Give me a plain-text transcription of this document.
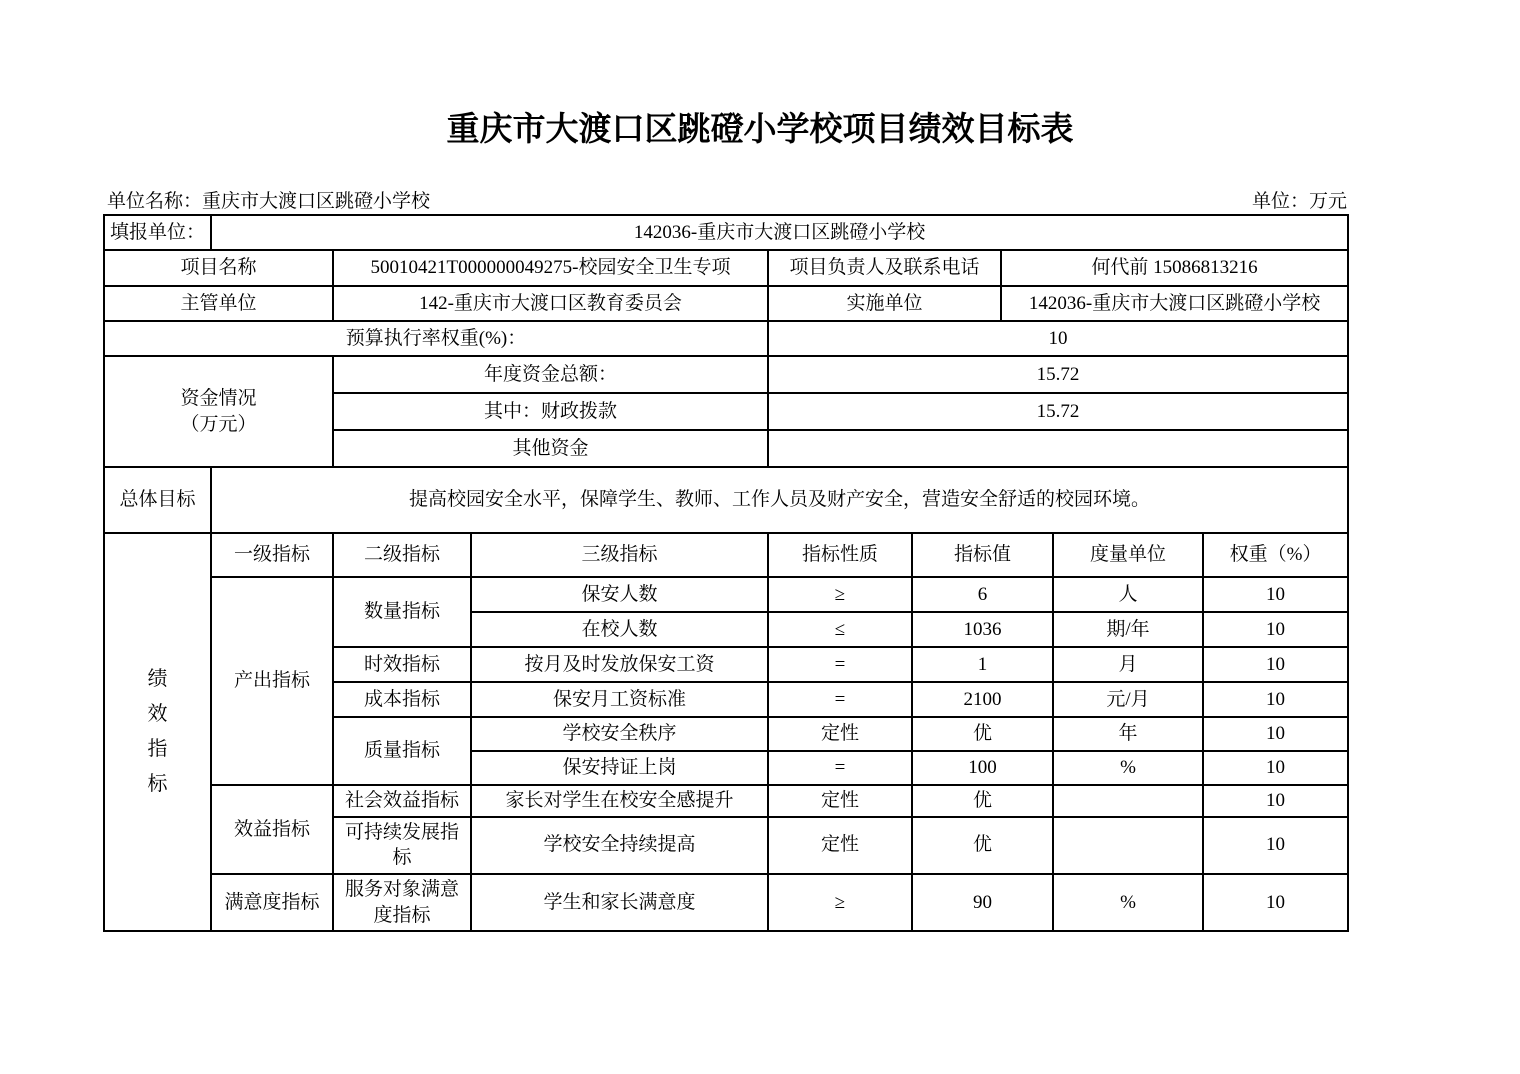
重庆市大渡口区跳磴小学校项目绩效目标表
单位名称：重庆市大渡口区跳磴小学校	单位：万元
填报单位：	142036-重庆市大渡口区跳磴小学校							
项目名称		50010421T000000049275-校园安全卫生专项		项目负责人及联系电话		何代前 15086813216		
主管单位		142-重庆市大渡口区教育委员会		实施单位		142036-重庆市大渡口区跳磴小学校		
预算执行率权重(%)：				10				

资金情况
（万元）		年度资金总额：		15.72				
		其中：财政拨款		15.72				
		其他资金						
总体目标	提高校园安全水平，保障学生、教师、工作人员及财产安全，营造安全舒适的校园环境。							

绩
效
指
标	一级指标	二级指标	三级指标	指标性质	指标值		度量单位	权重（%）
	产出指标	数量指标	保安人数	≥	6		人	10
			在校人数	≤	1036		期/年	10
		时效指标	按月及时发放保安工资	=	1		月	10
		成本指标	保安月工资标准	=	2100		元/月	10
		质量指标	学校安全秩序	定性	优		年	10
			保安持证上岗	=	100		%	10
	效益指标	社会效益指标	家长对学生在校安全感提升	定性	优			10
		可持续发展指标	学校安全持续提高	定性	优			10
	满意度指标	服务对象满意度指标	学生和家长满意度	≥	90		%	10
